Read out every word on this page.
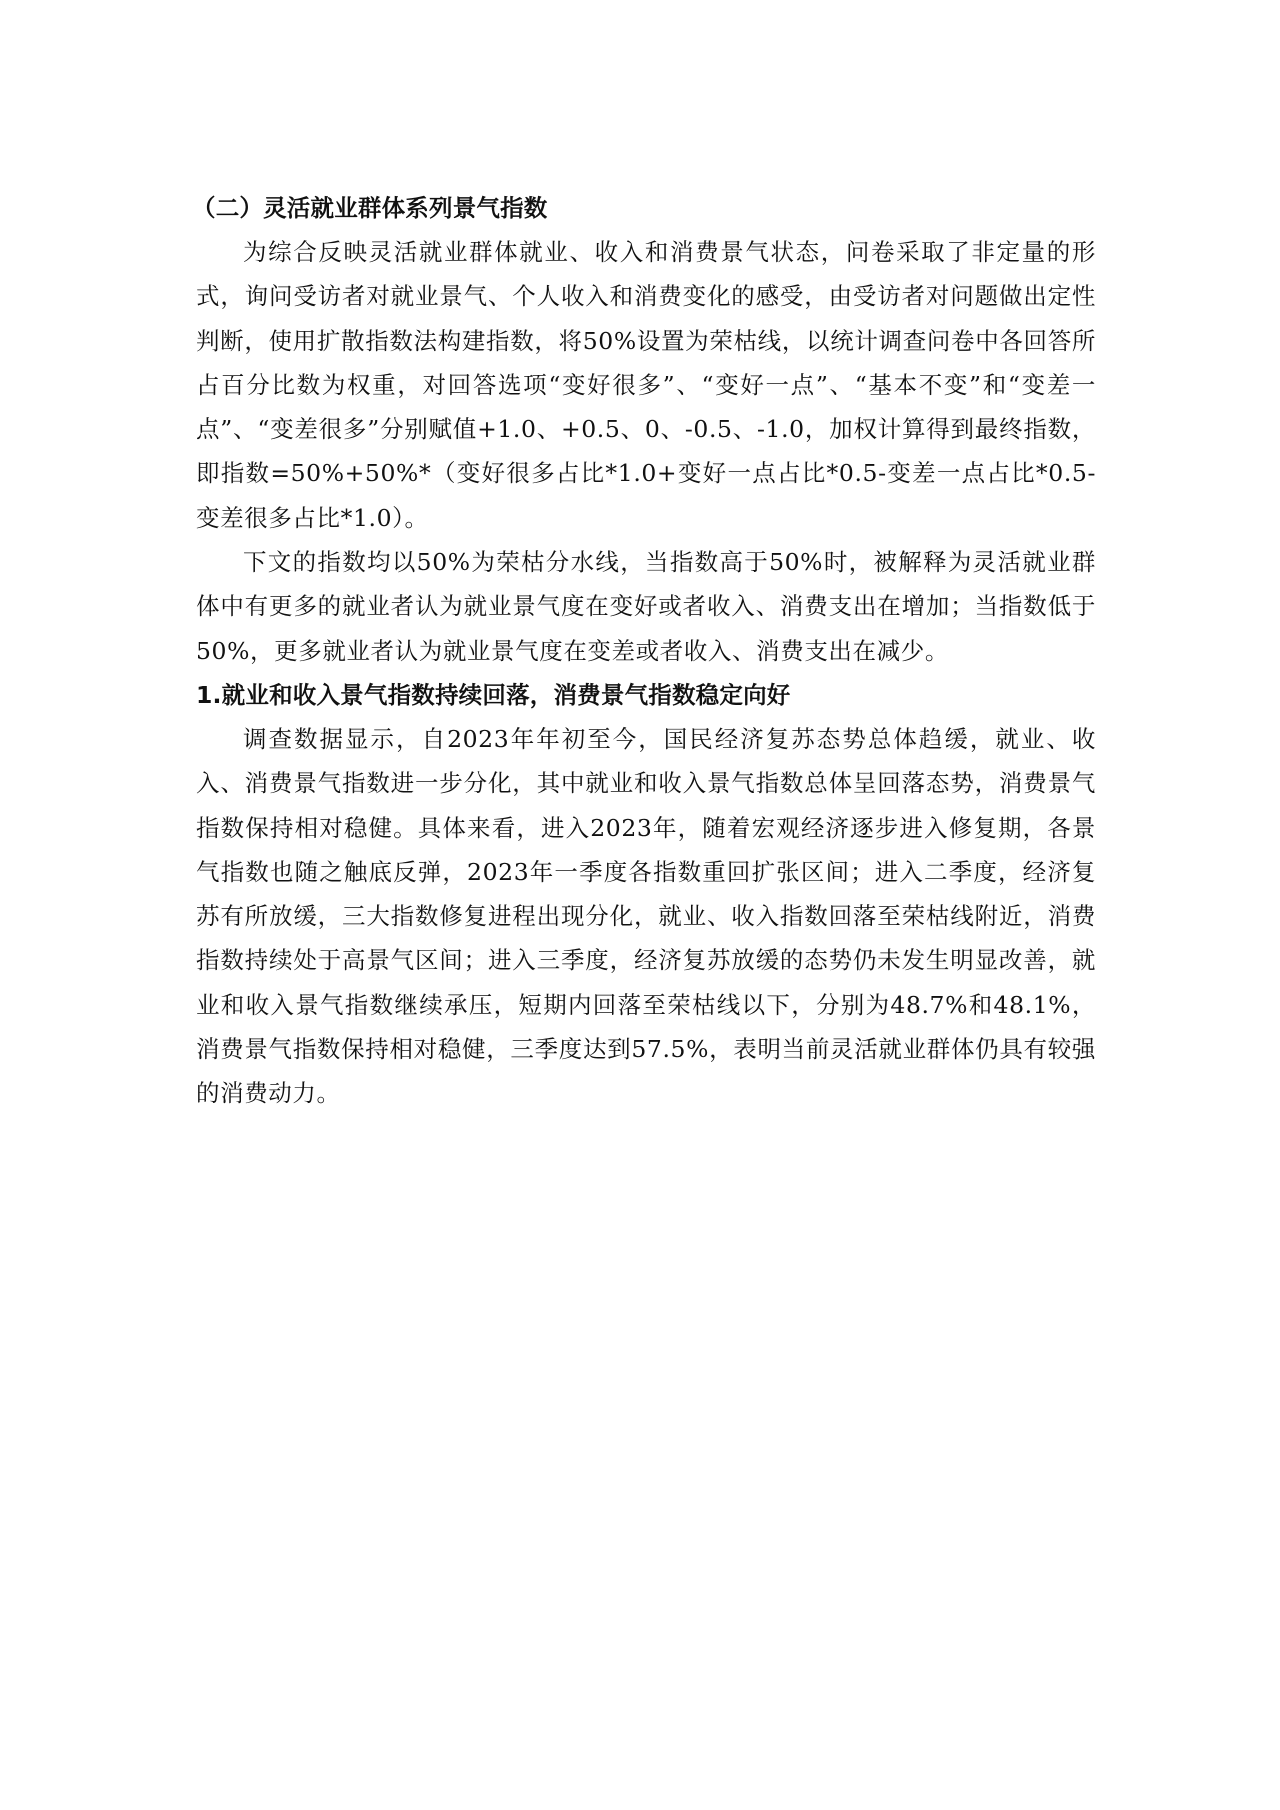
（二）灵活就业群体系列景气指数

为综合反映灵活就业群体就业、收入和消费景气状态，问卷采取了非定量的形式，询问受访者对就业景气、个人收入和消费变化的感受，由受访者对问题做出定性判断，使用扩散指数法构建指数，将50%设置为荣枯线，以统计调查问卷中各回答所占百分比数为权重，对回答选项“变好很多”、“变好一点”、“基本不变”和“变差一点”、“变差很多”分别赋值+1.0、+0.5、0、-0.5、-1.0，加权计算得到最终指数，即指数=50%+50%*（变好很多占比*1.0+变好一点占比*0.5-变差一点占比*0.5-变差很多占比*1.0）。

下文的指数均以50%为荣枯分水线，当指数高于50%时，被解释为灵活就业群体中有更多的就业者认为就业景气度在变好或者收入、消费支出在增加；当指数低于50%，更多就业者认为就业景气度在变差或者收入、消费支出在减少。

1.就业和收入景气指数持续回落，消费景气指数稳定向好

调查数据显示，自2023年年初至今，国民经济复苏态势总体趋缓，就业、收入、消费景气指数进一步分化，其中就业和收入景气指数总体呈回落态势，消费景气指数保持相对稳健。具体来看，进入2023年，随着宏观经济逐步进入修复期，各景气指数也随之触底反弹，2023年一季度各指数重回扩张区间；进入二季度，经济复苏有所放缓，三大指数修复进程出现分化，就业、收入指数回落至荣枯线附近，消费指数持续处于高景气区间；进入三季度，经济复苏放缓的态势仍未发生明显改善，就业和收入景气指数继续承压，短期内回落至荣枯线以下，分别为48.7%和48.1%，消费景气指数保持相对稳健，三季度达到57.5%，表明当前灵活就业群体仍具有较强的消费动力。
